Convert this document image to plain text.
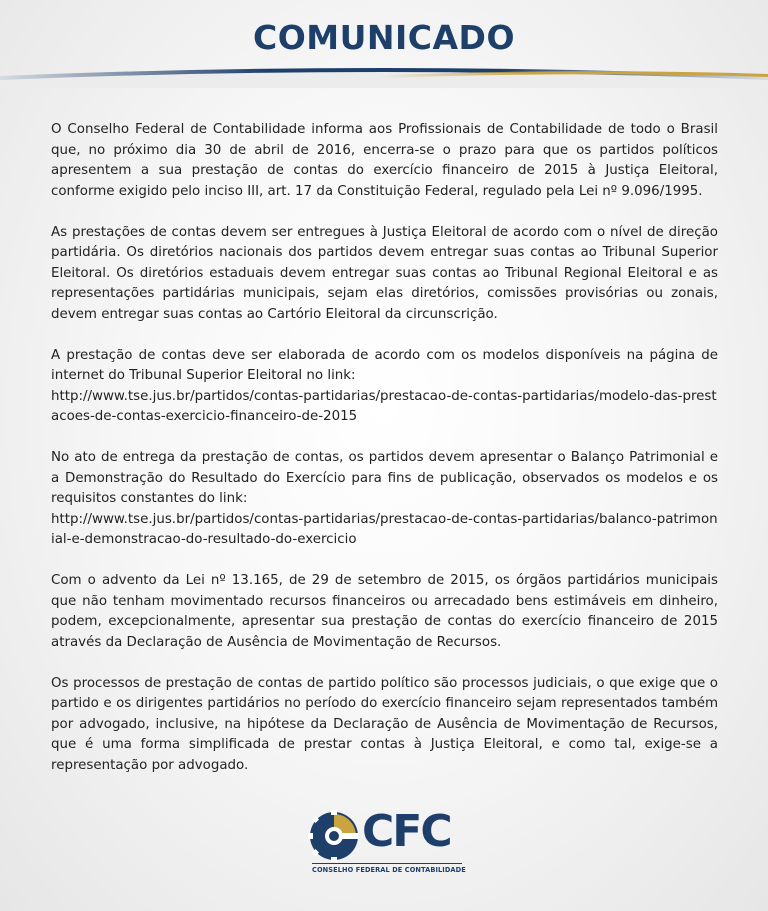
COMUNICADO

O Conselho Federal de Contabilidade informa aos Profissionais de Contabilidade de todo o Brasil que, no próximo dia 30 de abril de 2016, encerra-se o prazo para que os partidos políticos apresentem a sua prestação de contas do exercício financeiro de 2015 à Justiça Eleitoral, conforme exigido pelo inciso III, art. 17 da Constituição Federal, regulado pela Lei nº 9.096/1995.

As prestações de contas devem ser entregues à Justiça Eleitoral de acordo com o nível de direção partidária. Os diretórios nacionais dos partidos devem entregar suas contas ao Tribunal Superior Eleitoral. Os diretórios estaduais devem entregar suas contas ao Tribunal Regional Eleitoral e as representações partidárias municipais, sejam elas diretórios, comissões provisórias ou zonais, devem entregar suas contas ao Cartório Eleitoral da circunscrição.

A prestação de contas deve ser elaborada de acordo com os modelos disponíveis na página de internet do Tribunal Superior Eleitoral no link:
http://www.tse.jus.br/partidos/contas-partidarias/prestacao-de-contas-partidarias/modelo-das-prestacoes-de-contas-exercicio-financeiro-de-2015

No ato de entrega da prestação de contas, os partidos devem apresentar o Balanço Patrimonial e a Demonstração do Resultado do Exercício para fins de publicação, observados os modelos e os requisitos constantes do link:
http://www.tse.jus.br/partidos/contas-partidarias/prestacao-de-contas-partidarias/balanco-patrimonial-e-demonstracao-do-resultado-do-exercicio

Com o advento da Lei nº 13.165, de 29 de setembro de 2015, os órgãos partidários municipais que não tenham movimentado recursos financeiros ou arrecadado bens estimáveis em dinheiro, podem, excepcionalmente, apresentar sua prestação de contas do exercício financeiro de 2015 através da Declaração de Ausência de Movimentação de Recursos.

Os processos de prestação de contas de partido político são processos judiciais, o que exige que o partido e os dirigentes partidários no período do exercício financeiro sejam representados também por advogado, inclusive, na hipótese da Declaração de Ausência de Movimentação de Recursos, que é uma forma simplificada de prestar contas à Justiça Eleitoral, e como tal, exige-se a representação por advogado.

CFC
CONSELHO FEDERAL DE CONTABILIDADE
